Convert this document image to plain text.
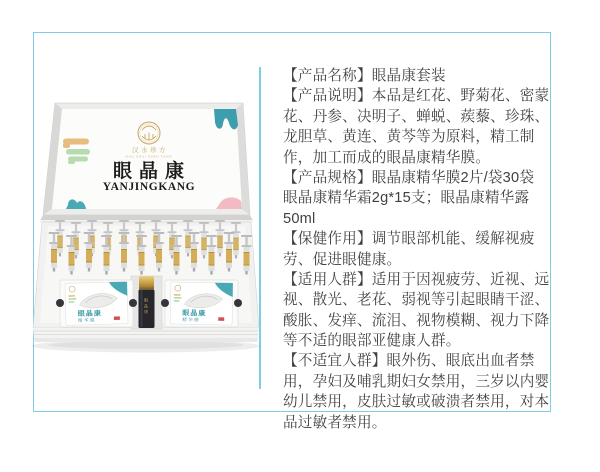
汉水珍方
HAN SHUI ZHEN FANG
眼晶康
YANJINGKANG
眼晶康
眼晶康
精华膜
眼晶康
精华膜
【产品名称】眼晶康套装
【产品说明】本品是红花、野菊花、密蒙
花、丹参、决明子、蝉蜕、蒺藜、珍珠、
龙胆草、黄连、黄芩等为原料，精工制
作，加工而成的眼晶康精华膜。
【产品规格】眼晶康精华膜2片/袋30袋
眼晶康精华霜2g*15支；眼晶康精华露
50ml
【保健作用】调节眼部机能、缓解视疲
劳、促进眼健康。
【适用人群】适用于因视疲劳、近视、远
视、散光、老花、弱视等引起眼睛干涩、
酸胀、发痒、流泪、视物模糊、视力下降
等不适的眼部亚健康人群。
【不适宜人群】眼外伤、眼底出血者禁
用，孕妇及哺乳期妇女禁用，三岁以内婴
幼儿禁用，皮肤过敏或破溃者禁用，对本
品过敏者禁用。
